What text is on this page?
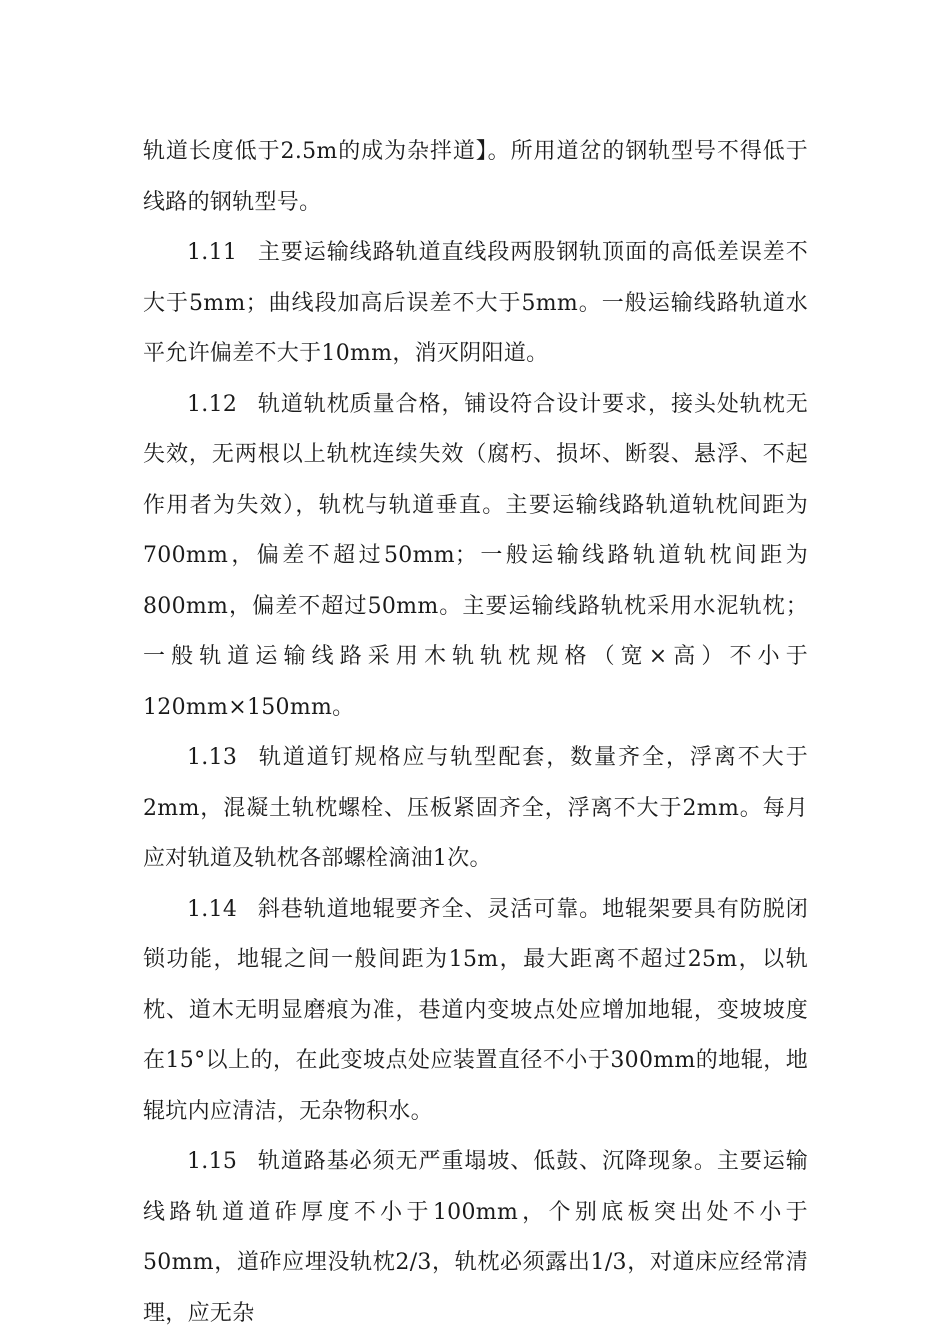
轨道长度低于2.5m的成为杂拌道】。所用道岔的钢轨型号不得低于线路的钢轨型号。

1.11 主要运输线路轨道直线段两股钢轨顶面的高低差误差不大于5mm；曲线段加高后误差不大于5mm。一般运输线路轨道水平允许偏差不大于10mm，消灭阴阳道。

1.12 轨道轨枕质量合格，铺设符合设计要求，接头处轨枕无失效，无两根以上轨枕连续失效（腐朽、损坏、断裂、悬浮、不起作用者为失效），轨枕与轨道垂直。主要运输线路轨道轨枕间距为700mm，偏差不超过50mm；一般运输线路轨道轨枕间距为800mm，偏差不超过50mm。主要运输线路轨枕采用水泥轨枕；一般轨道运输线路采用木轨轨枕规格（宽×高）不小于120mm×150mm。

1.13 轨道道钉规格应与轨型配套，数量齐全，浮离不大于2mm，混凝土轨枕螺栓、压板紧固齐全，浮离不大于2mm。每月应对轨道及轨枕各部螺栓滴油1次。

1.14 斜巷轨道地辊要齐全、灵活可靠。地辊架要具有防脱闭锁功能，地辊之间一般间距为15m，最大距离不超过25m，以轨枕、道木无明显磨痕为准，巷道内变坡点处应增加地辊，变坡坡度在15°以上的，在此变坡点处应装置直径不小于300mm的地辊，地辊坑内应清洁，无杂物积水。

1.15 轨道路基必须无严重塌坡、低鼓、沉降现象。主要运输线路轨道道砟厚度不小于100mm，个别底板突出处不小于50mm，道砟应埋没轨枕2/3，轨枕必须露出1/3，对道床应经常清理，应无杂
